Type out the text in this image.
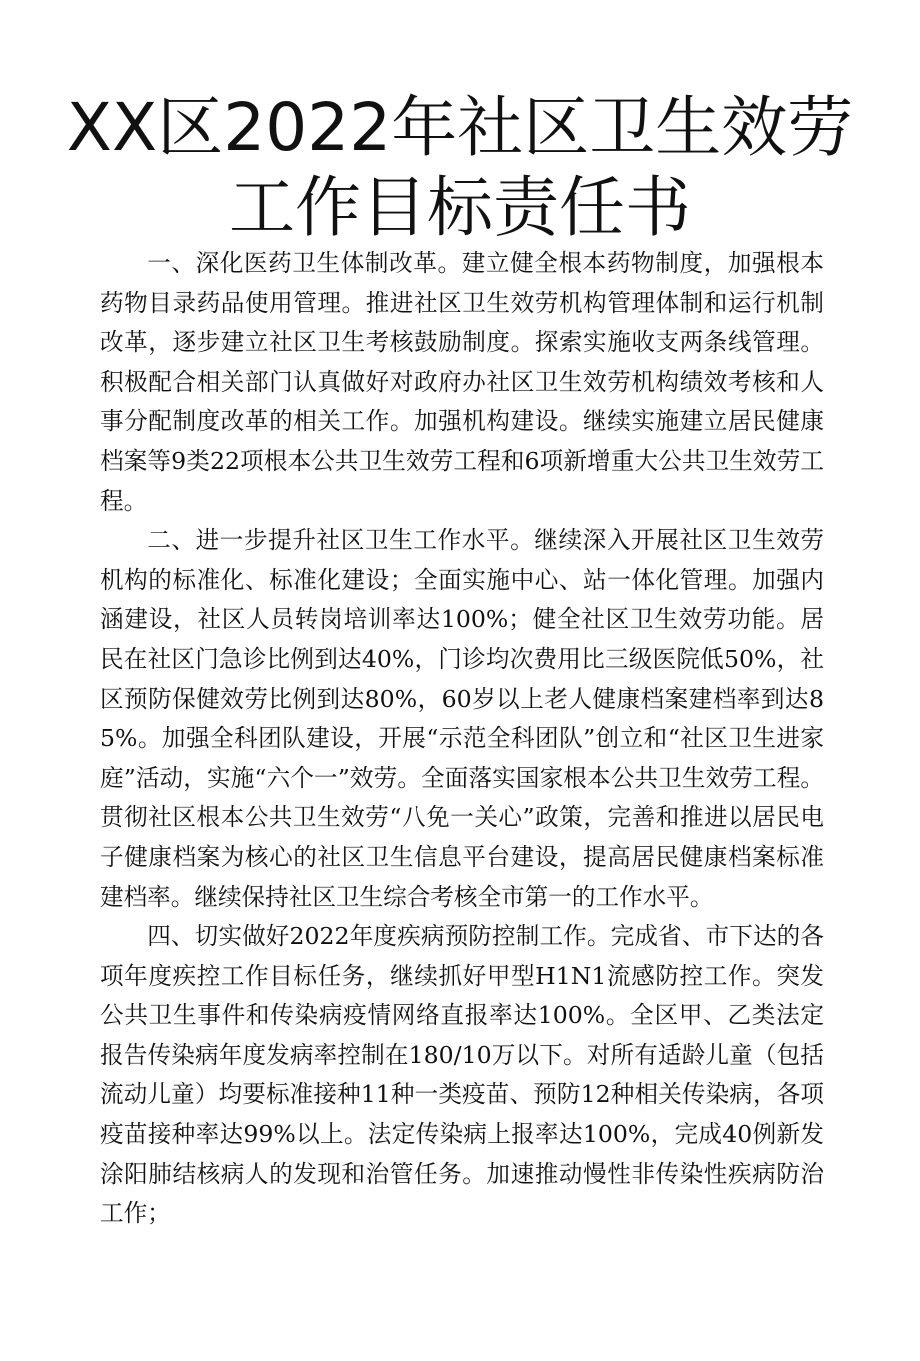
XX区2022年社区卫生效劳
工作目标责任书

一、深化医药卫生体制改革。建立健全根本药物制度，加强根本药物目录药品使用管理。推进社区卫生效劳机构管理体制和运行机制改革，逐步建立社区卫生考核鼓励制度。探索实施收支两条线管理。积极配合相关部门认真做好对政府办社区卫生效劳机构绩效考核和人事分配制度改革的相关工作。加强机构建设。继续实施建立居民健康档案等9类22项根本公共卫生效劳工程和6项新增重大公共卫生效劳工程。

二、进一步提升社区卫生工作水平。继续深入开展社区卫生效劳机构的标准化、标准化建设；全面实施中心、站一体化管理。加强内涵建设，社区人员转岗培训率达100%；健全社区卫生效劳功能。居民在社区门急诊比例到达40%，门诊均次费用比三级医院低50%，社区预防保健效劳比例到达80%，60岁以上老人健康档案建档率到达85%。加强全科团队建设，开展“示范全科团队”创立和“社区卫生进家庭”活动，实施“六个一”效劳。全面落实国家根本公共卫生效劳工程。贯彻社区根本公共卫生效劳“八免一关心”政策，完善和推进以居民电子健康档案为核心的社区卫生信息平台建设，提高居民健康档案标准建档率。继续保持社区卫生综合考核全市第一的工作水平。

四、切实做好2022年度疾病预防控制工作。完成省、市下达的各项年度疾控工作目标任务，继续抓好甲型H1N1流感防控工作。突发公共卫生事件和传染病疫情网络直报率达100%。全区甲、乙类法定报告传染病年度发病率控制在180/10万以下。对所有适龄儿童（包括流动儿童）均要标准接种11种一类疫苗、预防12种相关传染病，各项疫苗接种率达99%以上。法定传染病上报率达100%，完成40例新发涂阳肺结核病人的发现和治管任务。加速推动慢性非传染性疾病防治工作；
